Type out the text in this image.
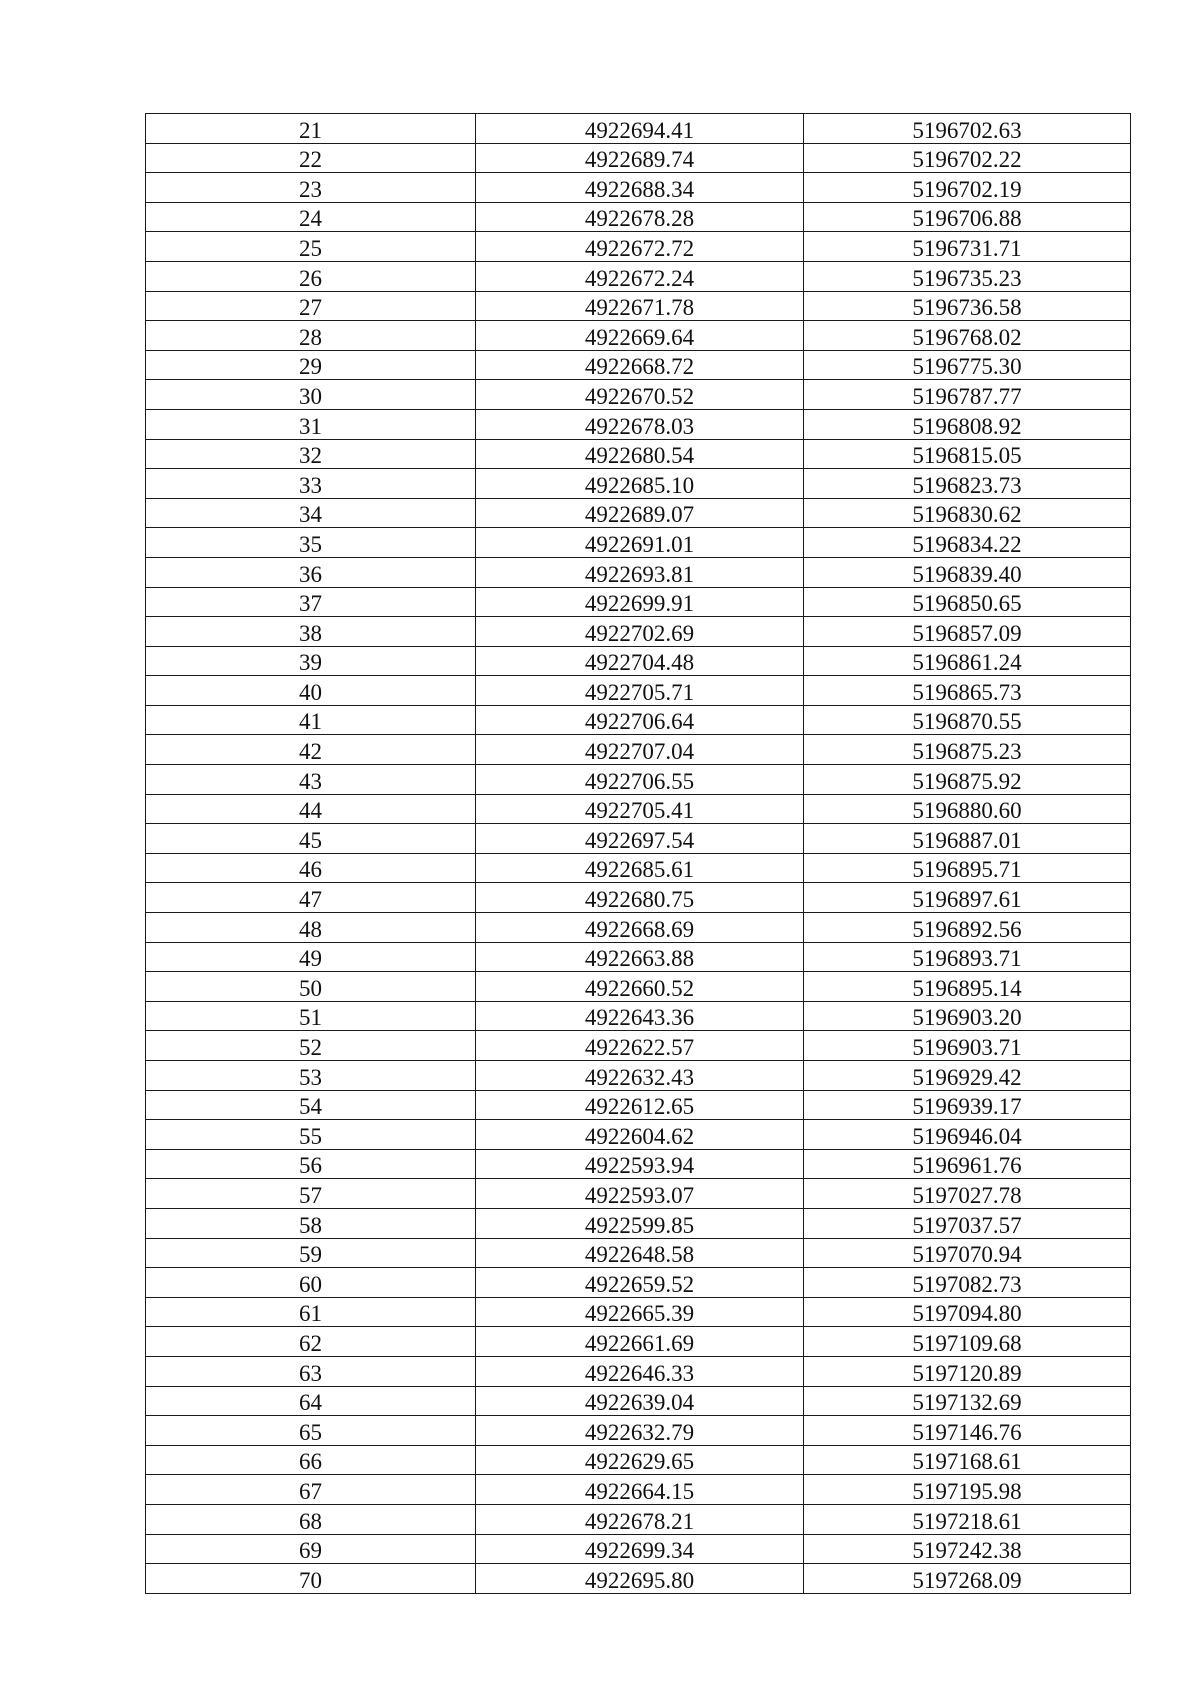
21	4922694.41	5196702.63
22	4922689.74	5196702.22
23	4922688.34	5196702.19
24	4922678.28	5196706.88
25	4922672.72	5196731.71
26	4922672.24	5196735.23
27	4922671.78	5196736.58
28	4922669.64	5196768.02
29	4922668.72	5196775.30
30	4922670.52	5196787.77
31	4922678.03	5196808.92
32	4922680.54	5196815.05
33	4922685.10	5196823.73
34	4922689.07	5196830.62
35	4922691.01	5196834.22
36	4922693.81	5196839.40
37	4922699.91	5196850.65
38	4922702.69	5196857.09
39	4922704.48	5196861.24
40	4922705.71	5196865.73
41	4922706.64	5196870.55
42	4922707.04	5196875.23
43	4922706.55	5196875.92
44	4922705.41	5196880.60
45	4922697.54	5196887.01
46	4922685.61	5196895.71
47	4922680.75	5196897.61
48	4922668.69	5196892.56
49	4922663.88	5196893.71
50	4922660.52	5196895.14
51	4922643.36	5196903.20
52	4922622.57	5196903.71
53	4922632.43	5196929.42
54	4922612.65	5196939.17
55	4922604.62	5196946.04
56	4922593.94	5196961.76
57	4922593.07	5197027.78
58	4922599.85	5197037.57
59	4922648.58	5197070.94
60	4922659.52	5197082.73
61	4922665.39	5197094.80
62	4922661.69	5197109.68
63	4922646.33	5197120.89
64	4922639.04	5197132.69
65	4922632.79	5197146.76
66	4922629.65	5197168.61
67	4922664.15	5197195.98
68	4922678.21	5197218.61
69	4922699.34	5197242.38
70	4922695.80	5197268.09
